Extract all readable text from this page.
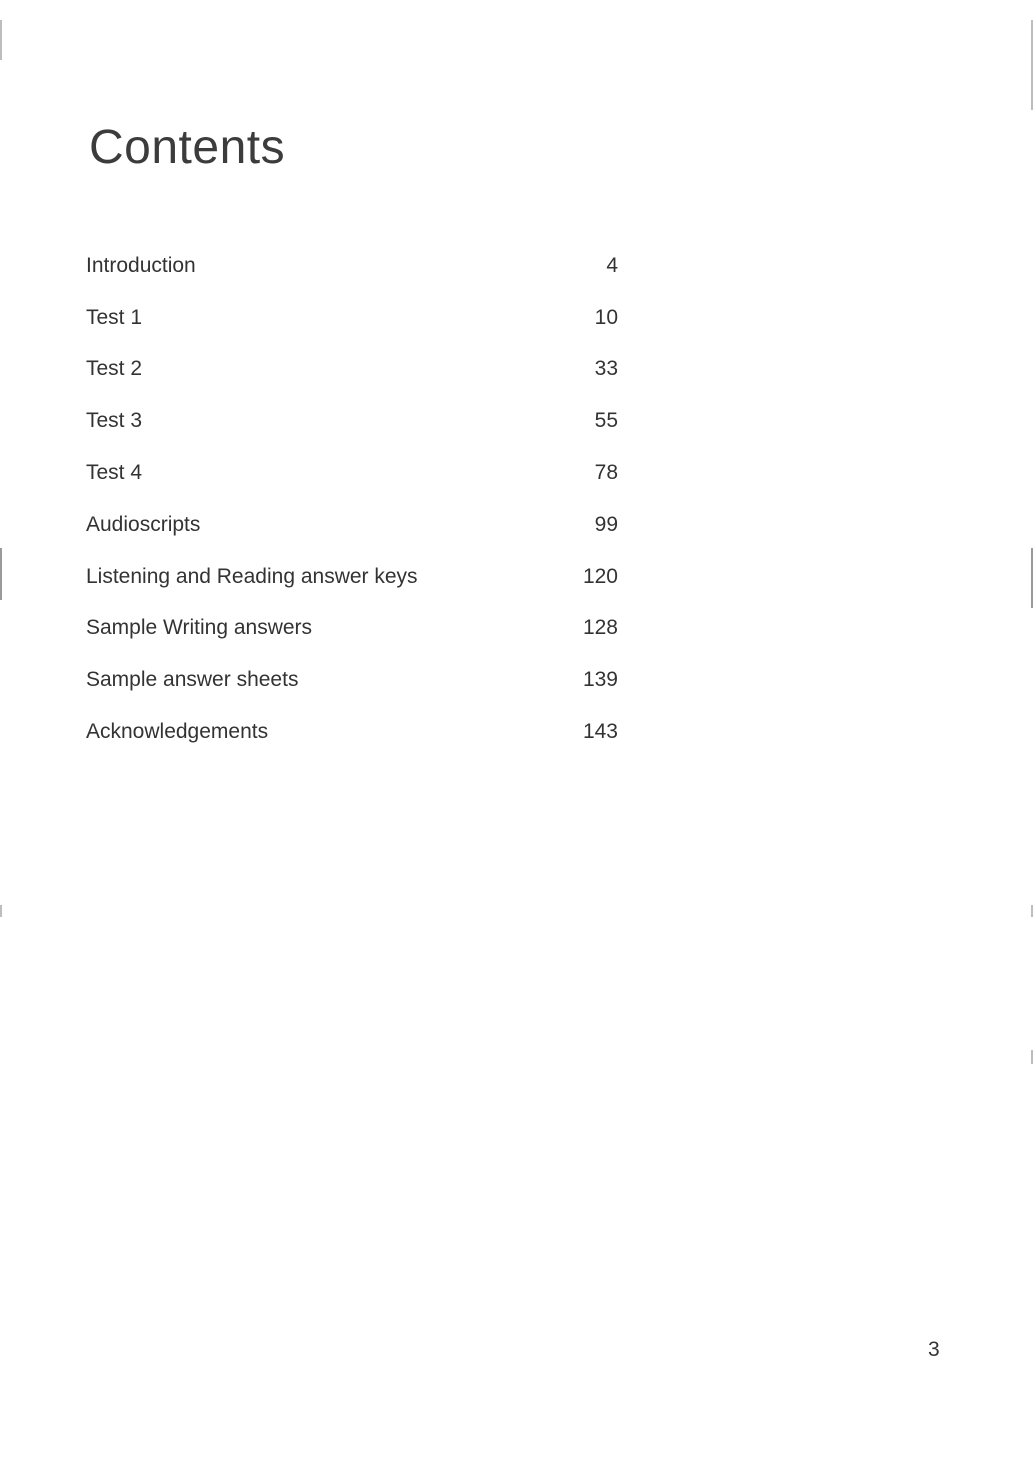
Contents
Introduction	4
Test 1	10
Test 2	33
Test 3	55
Test 4	78
Audioscripts	99
Listening and Reading answer keys	120
Sample Writing answers	128
Sample answer sheets	139
Acknowledgements	143
3
